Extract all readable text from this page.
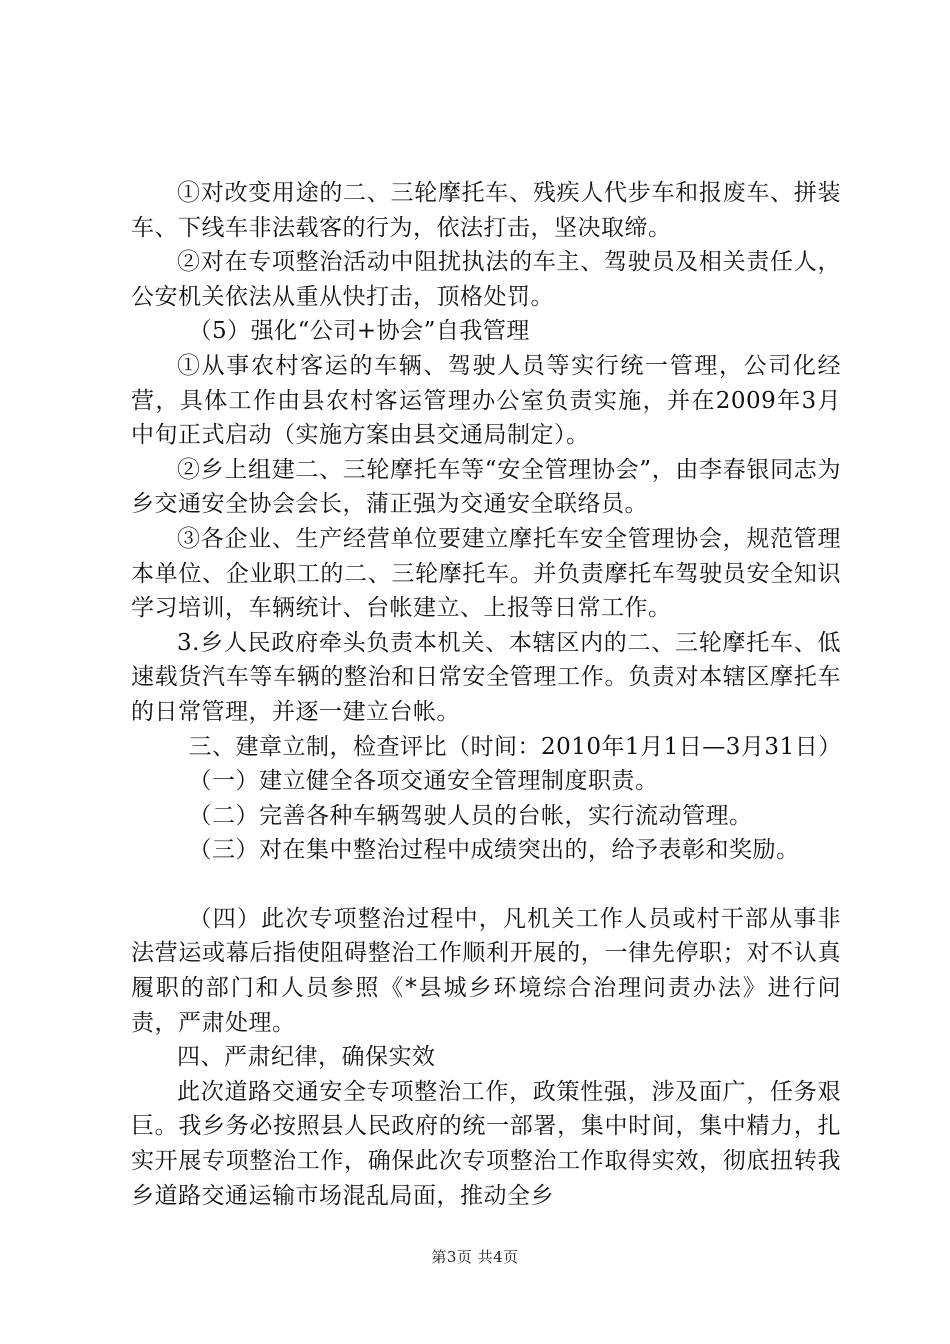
①对改变用途的二、三轮摩托车、残疾人代步车和报废车、拼装车、下线车非法载客的行为，依法打击，坚决取缔。

②对在专项整治活动中阻扰执法的车主、驾驶员及相关责任人，公安机关依法从重从快打击，顶格处罚。

（5）强化“公司+协会”自我管理

①从事农村客运的车辆、驾驶人员等实行统一管理，公司化经营，具体工作由县农村客运管理办公室负责实施，并在2009年3月中旬正式启动（实施方案由县交通局制定）。

②乡上组建二、三轮摩托车等“安全管理协会”，由李春银同志为乡交通安全协会会长，蒲正强为交通安全联络员。

③各企业、生产经营单位要建立摩托车安全管理协会，规范管理本单位、企业职工的二、三轮摩托车。并负责摩托车驾驶员安全知识学习培训，车辆统计、台帐建立、上报等日常工作。

3.乡人民政府牵头负责本机关、本辖区内的二、三轮摩托车、低速载货汽车等车辆的整治和日常安全管理工作。负责对本辖区摩托车的日常管理，并逐一建立台帐。

三、建章立制，检查评比（时间：2010年1月1日—3月31日）

（一）建立健全各项交通安全管理制度职责。

（二）完善各种车辆驾驶人员的台帐，实行流动管理。

（三）对在集中整治过程中成绩突出的，给予表彰和奖励。

（四）此次专项整治过程中，凡机关工作人员或村干部从事非法营运或幕后指使阻碍整治工作顺利开展的，一律先停职；对不认真履职的部门和人员参照《*县城乡环境综合治理问责办法》进行问责，严肃处理。

四、严肃纪律，确保实效

此次道路交通安全专项整治工作，政策性强，涉及面广，任务艰巨。我乡务必按照县人民政府的统一部署，集中时间，集中精力，扎实开展专项整治工作，确保此次专项整治工作取得实效，彻底扭转我乡道路交通运输市场混乱局面，推动全乡

第3页 共4页
